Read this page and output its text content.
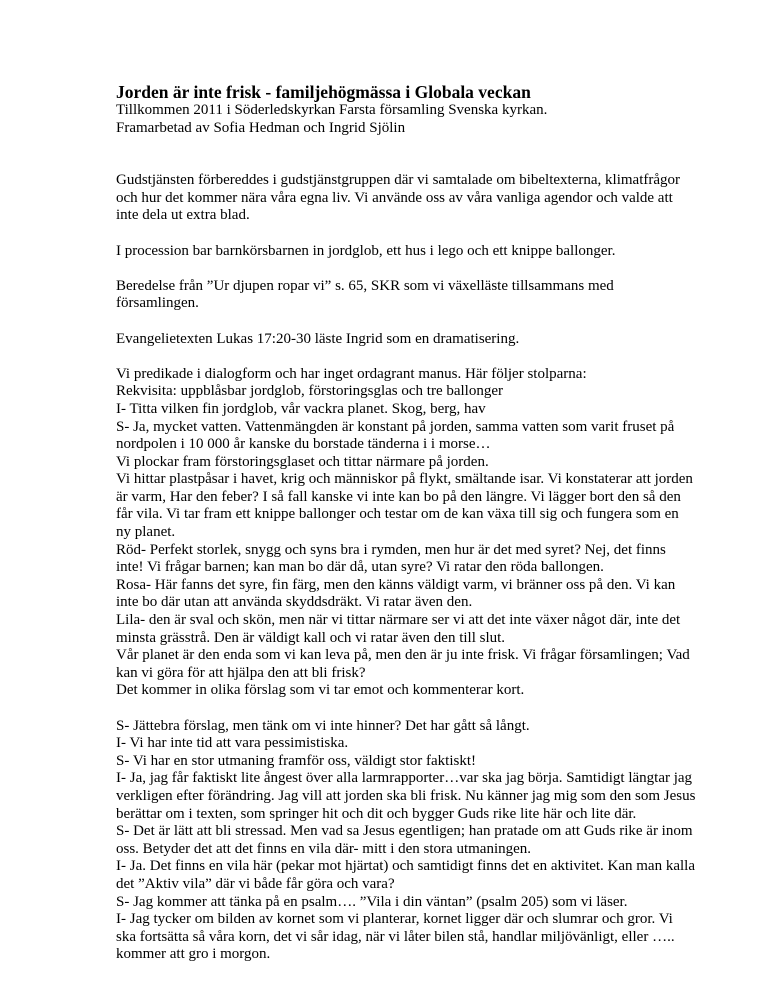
Jorden är inte frisk - familjehögmässa i Globala veckan

Tillkommen 2011 i Söderledskyrkan Farsta församling Svenska kyrkan.

Framarbetad av Sofia Hedman och Ingrid Sjölin

Gudstjänsten förbereddes i gudstjänstgruppen där vi samtalade om bibeltexterna, klimatfrågor och hur det kommer nära våra egna liv. Vi använde oss av våra vanliga agendor och valde att inte dela ut extra blad.

I procession bar barnkörsbarnen in jordglob, ett hus i lego och ett knippe ballonger.

Beredelse från ”Ur djupen ropar vi” s. 65, SKR som vi växelläste tillsammans med församlingen.

Evangelietexten Lukas 17:20-30 läste Ingrid som en dramatisering.

Vi predikade i dialogform och har inget ordagrant manus. Här följer stolparna:

Rekvisita: uppblåsbar jordglob, förstoringsglas och tre ballonger

I- Titta vilken fin jordglob, vår vackra planet. Skog, berg, hav

S- Ja, mycket vatten. Vattenmängden är konstant på jorden, samma vatten som varit fruset på nordpolen i 10 000 år kanske du borstade tänderna i i morse…

Vi plockar fram förstoringsglaset och tittar närmare på jorden.

Vi hittar plastpåsar i havet, krig och människor på flykt, smältande isar. Vi konstaterar att jorden är varm, Har den feber? I så fall kanske vi inte kan bo på den längre. Vi lägger bort den så den får vila. Vi tar fram ett knippe ballonger och testar om de kan växa till sig och fungera som en ny planet.

Röd- Perfekt storlek, snygg och syns bra i rymden, men hur är det med syret? Nej, det finns inte! Vi frågar barnen; kan man bo där då, utan syre? Vi ratar den röda ballongen.

Rosa- Här fanns det syre, fin färg, men den känns väldigt varm, vi bränner oss på den. Vi kan inte bo där utan att använda skyddsdräkt. Vi ratar även den.

Lila- den är sval och skön, men när vi tittar närmare ser vi att det inte växer något där, inte det minsta grässtrå. Den är väldigt kall och vi ratar även den till slut.

Vår planet är den enda som vi kan leva på, men den är ju inte frisk. Vi frågar församlingen; Vad kan vi göra för att hjälpa den att bli frisk?

Det kommer in olika förslag som vi tar emot och kommenterar kort.

S- Jättebra förslag, men tänk om vi inte hinner? Det har gått så långt.

I- Vi har inte tid att vara pessimistiska.

S- Vi har en stor utmaning framför oss, väldigt stor faktiskt!

I- Ja, jag får faktiskt lite ångest över alla larmrapporter…var ska jag börja. Samtidigt längtar jag verkligen efter förändring. Jag vill att jorden ska bli frisk. Nu känner jag mig som den som Jesus berättar om i texten, som springer hit och dit och bygger Guds rike lite här och lite där.

S- Det är lätt att bli stressad. Men vad sa Jesus egentligen; han pratade om att Guds rike är inom oss. Betyder det att det finns en vila där- mitt i den stora utmaningen.

I- Ja. Det finns en vila här (pekar mot hjärtat) och samtidigt finns det en aktivitet. Kan man kalla det ”Aktiv vila” där vi både får göra och vara?

S- Jag kommer att tänka på en psalm…. ”Vila i din väntan” (psalm 205) som vi läser.

I- Jag tycker om bilden av kornet som vi planterar, kornet ligger där och slumrar och gror. Vi ska fortsätta så våra korn, det vi sår idag, när vi låter bilen stå, handlar miljövänligt, eller ….. kommer att gro i morgon.
